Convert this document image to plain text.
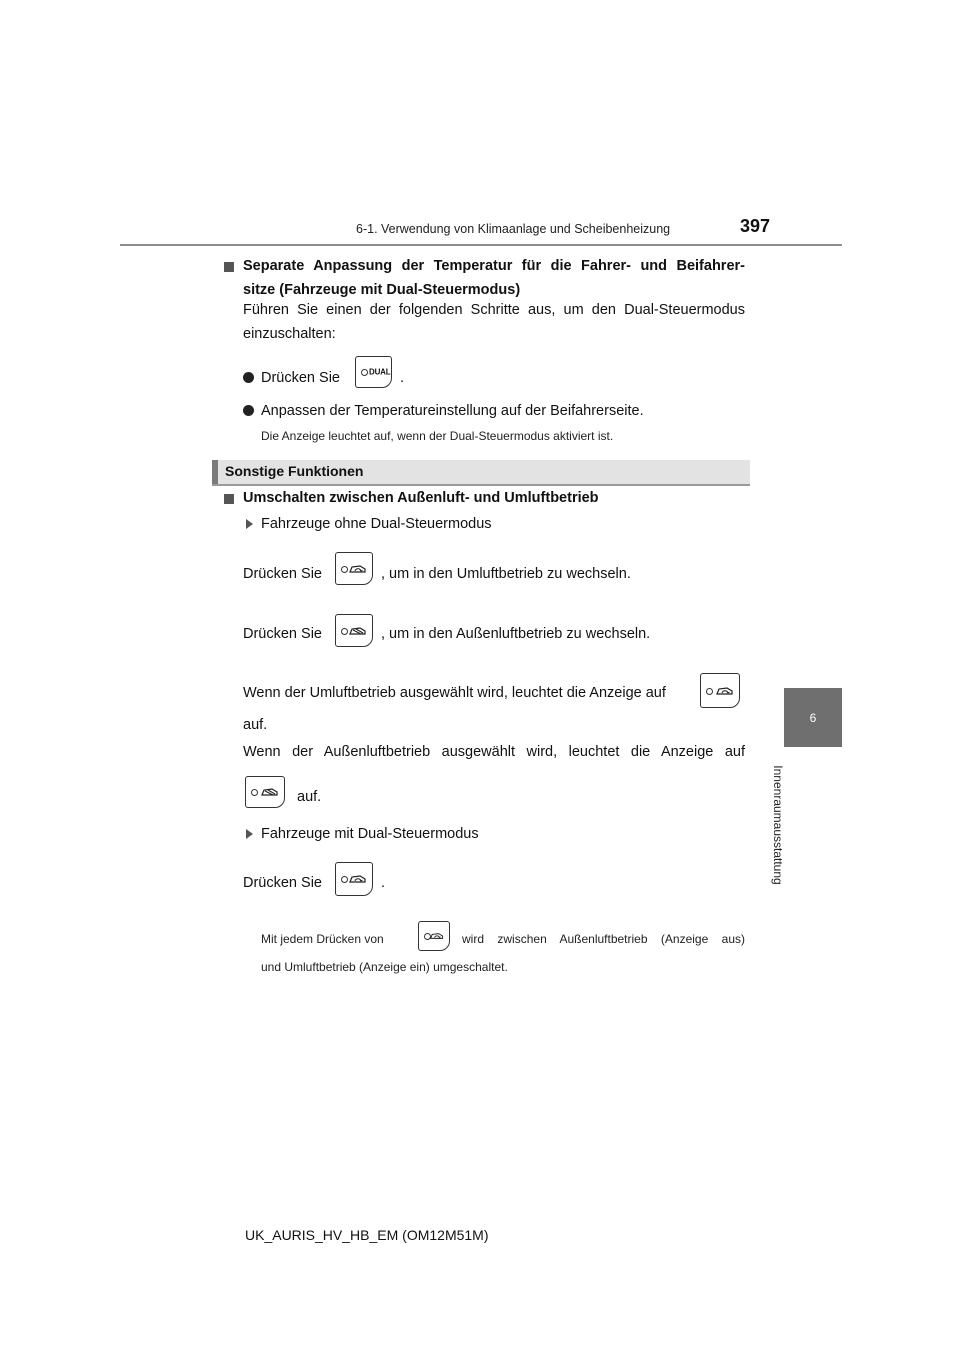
6-1. Verwendung von Klimaanlage und Scheibenheizung	397
6
Innenraumausstattung
Separate Anpassung der Temperatur für die Fahrer- und Beifahrer-
sitze (Fahrzeuge mit Dual-Steuermodus)
Führen Sie einen der folgenden Schritte aus, um den Dual-Steuermodus
einzuschalten:
Drücken Sie	DUAL .
Anpassen der Temperatureinstellung auf der Beifahrerseite.
Die Anzeige leuchtet auf, wenn der Dual-Steuermodus aktiviert ist.
Sonstige Funktionen
Umschalten zwischen Außenluft- und Umluftbetrieb
Fahrzeuge ohne Dual-Steuermodus
Drücken Sie	, um in den Umluftbetrieb zu wechseln.
Drücken Sie	, um in den Außenluftbetrieb zu wechseln.
Wenn der Umluftbetrieb ausgewählt wird, leuchtet die Anzeige auf
auf.
Wenn der Außenluftbetrieb ausgewählt wird, leuchtet die Anzeige auf
auf.
Fahrzeuge mit Dual-Steuermodus
Drücken Sie	.
Mit jedem Drücken von	wird zwischen Außenluftbetrieb (Anzeige aus)
und Umluftbetrieb (Anzeige ein) umgeschaltet.
UK_AURIS_HV_HB_EM (OM12M51M)
